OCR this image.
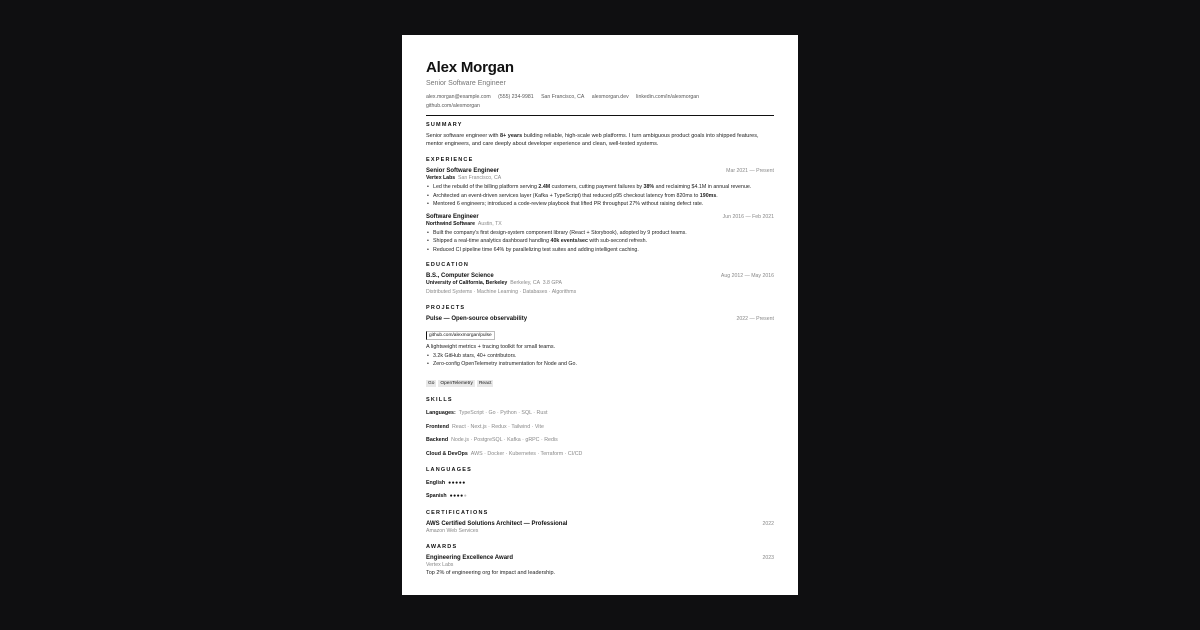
Alex Morgan
Senior Software Engineer
alex.morgan@example.com (555) 234-9981 San Francisco, CA alexmorgan.dev linkedin.com/in/alexmorgan
github.com/alexmorgan
SUMMARY
Senior software engineer with 8+ years building reliable, high-scale web platforms. I turn ambiguous product goals into shipped features, mentor engineers, and care deeply about developer experience and clean, well-tested systems.
EXPERIENCE
Senior Software Engineer	Mar 2021 — Present
Vertex Labs San Francisco, CA
• Led the rebuild of the billing platform serving 2.4M customers, cutting payment failures by 38% and reclaiming $4.1M in annual revenue.
• Architected an event-driven services layer (Kafka + TypeScript) that reduced p95 checkout latency from 820ms to 190ms.
• Mentored 6 engineers; introduced a code-review playbook that lifted PR throughput 27% without raising defect rate.
Software Engineer	Jun 2016 — Feb 2021
Northwind Software Austin, TX
• Built the company's first design-system component library (React + Storybook), adopted by 9 product teams.
• Shipped a real-time analytics dashboard handling 40k events/sec with sub-second refresh.
• Reduced CI pipeline time 64% by parallelizing test suites and adding intelligent caching.
EDUCATION
B.S., Computer Science	Aug 2012 — May 2016
University of California, Berkeley Berkeley, CA 3.8 GPA
Distributed Systems · Machine Learning · Databases · Algorithms
PROJECTS
Pulse — Open-source observability	2022 — Present
github.com/alexmorgan/pulse
A lightweight metrics + tracing toolkit for small teams.
• 3.2k GitHub stars, 40+ contributors.
• Zero-config OpenTelemetry instrumentation for Node and Go.
Go OpenTelemetry React
SKILLS
Languages: TypeScript · Go · Python · SQL · Rust
Frontend React · Next.js · Redux · Tailwind · Vite
Backend Node.js · PostgreSQL · Kafka · gRPC · Redis
Cloud & DevOps AWS · Docker · Kubernetes · Terraform · CI/CD
LANGUAGES
English ●●●●●
Spanish ●●●●●
CERTIFICATIONS
AWS Certified Solutions Architect — Professional	2022
Amazon Web Services
AWARDS
Engineering Excellence Award	2023
Vertex Labs
Top 2% of engineering org for impact and leadership.
